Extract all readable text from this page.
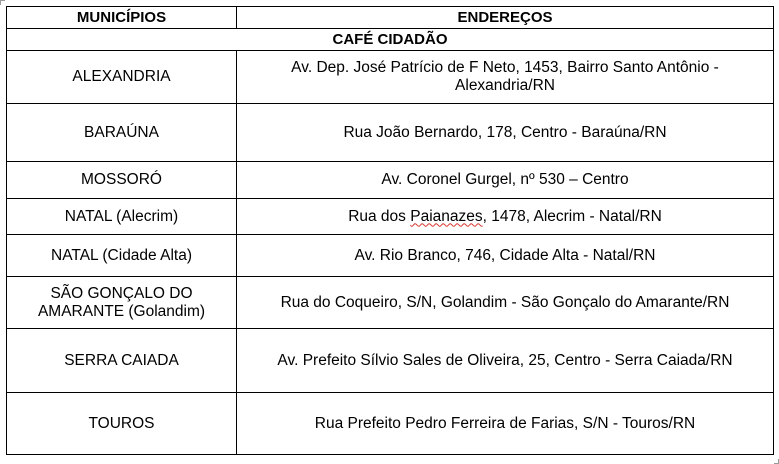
MUNICÍPIOS	ENDEREÇOS
CAFÉ CIDADÃO	
ALEXANDRIA	Av. Dep. José Patrício de F Neto, 1453, Bairro Santo Antônio - Alexandria/RN
BARAÚNA	Rua João Bernardo, 178, Centro - Baraúna/RN
MOSSORÓ	Av. Coronel Gurgel, nº 530 – Centro
NATAL (Alecrim)	Rua dos Paianazes, 1478, Alecrim - Natal/RN
NATAL (Cidade Alta)	Av. Rio Branco, 746, Cidade Alta - Natal/RN
SÃO GONÇALO DO AMARANTE (Golandim)	Rua do Coqueiro, S/N, Golandim - São Gonçalo do Amarante/RN
SERRA CAIADA	Av. Prefeito Sílvio Sales de Oliveira, 25, Centro - Serra Caiada/RN
TOUROS	Rua Prefeito Pedro Ferreira de Farias, S/N - Touros/RN
